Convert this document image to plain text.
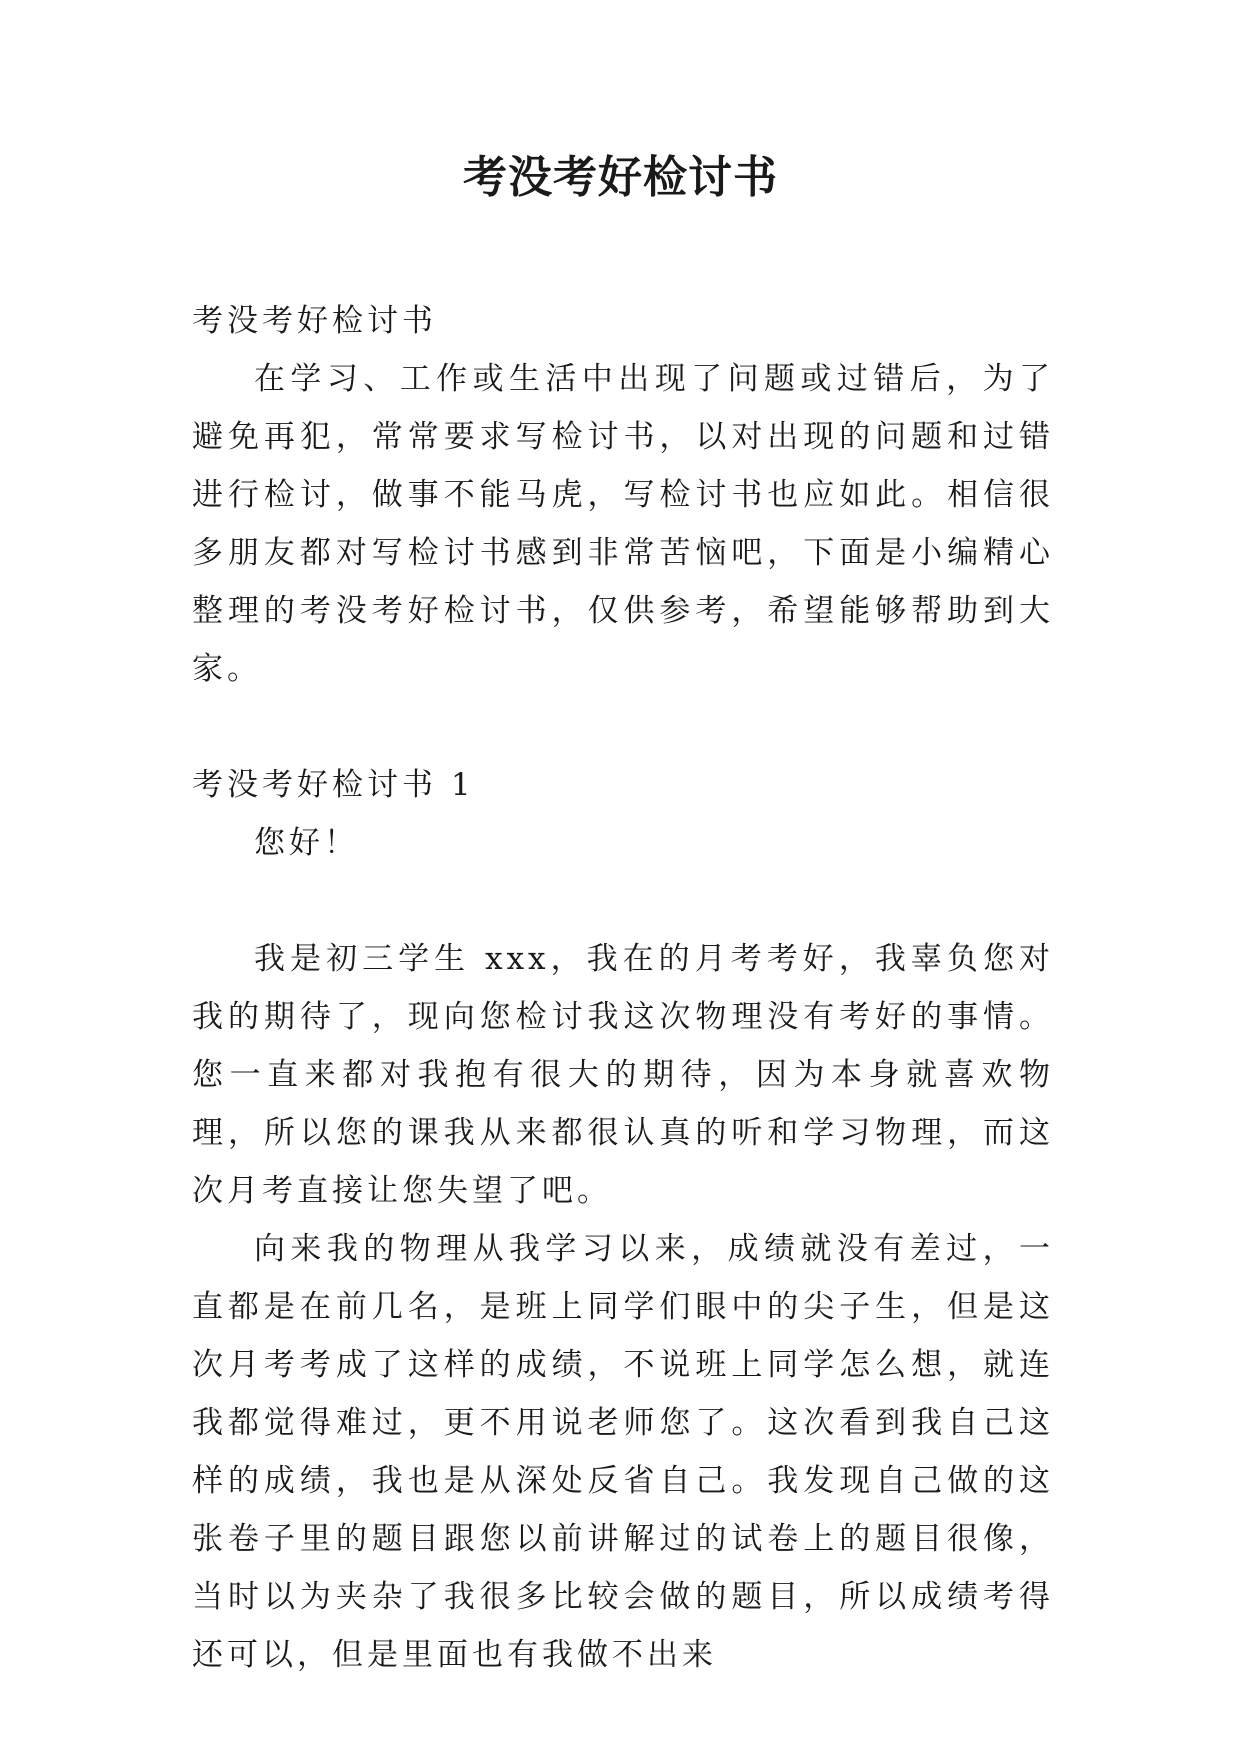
考没考好检讨书

考没考好检讨书

在学习、工作或生活中出现了问题或过错后，为了避免再犯，常常要求写检讨书，以对出现的问题和过错进行检讨，做事不能马虎，写检讨书也应如此。相信很多朋友都对写检讨书感到非常苦恼吧，下面是小编精心整理的考没考好检讨书，仅供参考，希望能够帮助到大家。

考没考好检讨书 1

您好！

我是初三学生 xxx，我在的月考考好，我辜负您对我的期待了，现向您检讨我这次物理没有考好的事情。您一直来都对我抱有很大的期待，因为本身就喜欢物理，所以您的课我从来都很认真的听和学习物理，而这次月考直接让您失望了吧。

向来我的物理从我学习以来，成绩就没有差过，一直都是在前几名，是班上同学们眼中的尖子生，但是这次月考考成了这样的成绩，不说班上同学怎么想，就连我都觉得难过，更不用说老师您了。这次看到我自己这样的成绩，我也是从深处反省自己。我发现自己做的这张卷子里的题目跟您以前讲解过的试卷上的题目很像，当时以为夹杂了我很多比较会做的题目，所以成绩考得还可以，但是里面也有我做不出来
